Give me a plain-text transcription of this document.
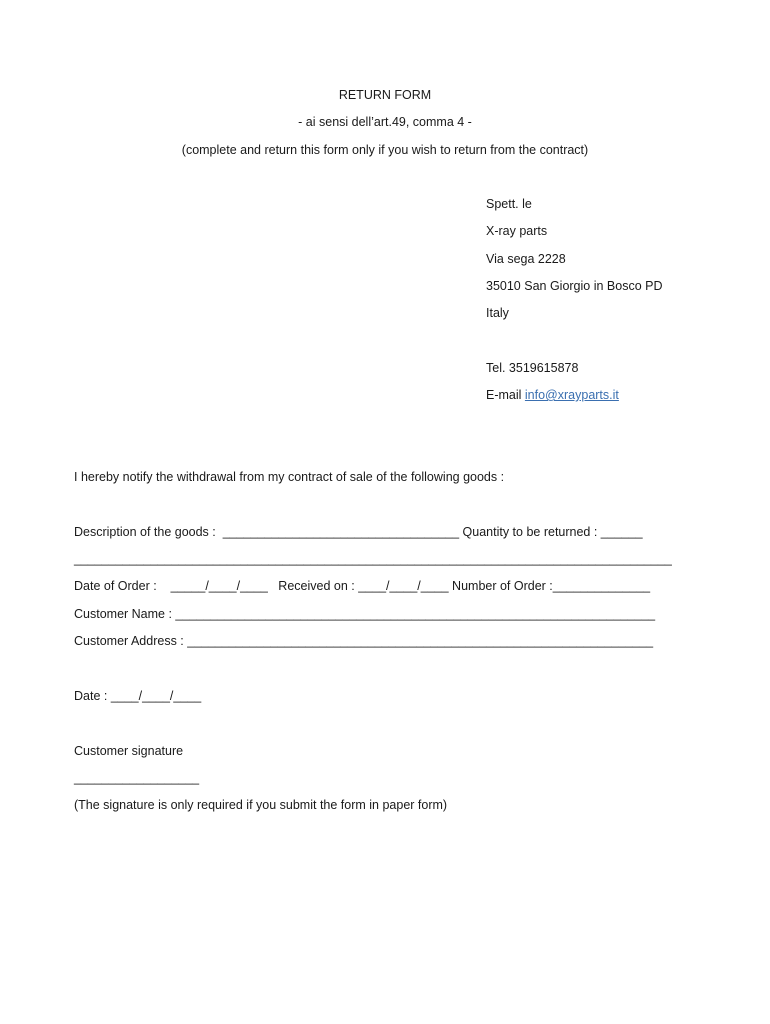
RETURN FORM
- ai sensi dell’art.49, comma 4 -
(complete and return this form only if you wish to return from the contract)
Spett. le
X-ray parts
Via sega 2228
35010 San Giorgio in Bosco PD
Italy
Tel. 3519615878
E-mail info@xrayparts.it
I hereby notify the withdrawal from my contract of sale of the following goods :
Description of the goods :  __________________________________ Quantity to be returned : ______
______________________________________________________________________________________
Date of Order :    _____/____/____   Received on : ____/____/____ Number of Order :______________
Customer Name : _____________________________________________________________________
Customer Address : ___________________________________________________________________
Date : ____/____/____
Customer signature
__________________
(The signature is only required if you submit the form in paper form)
